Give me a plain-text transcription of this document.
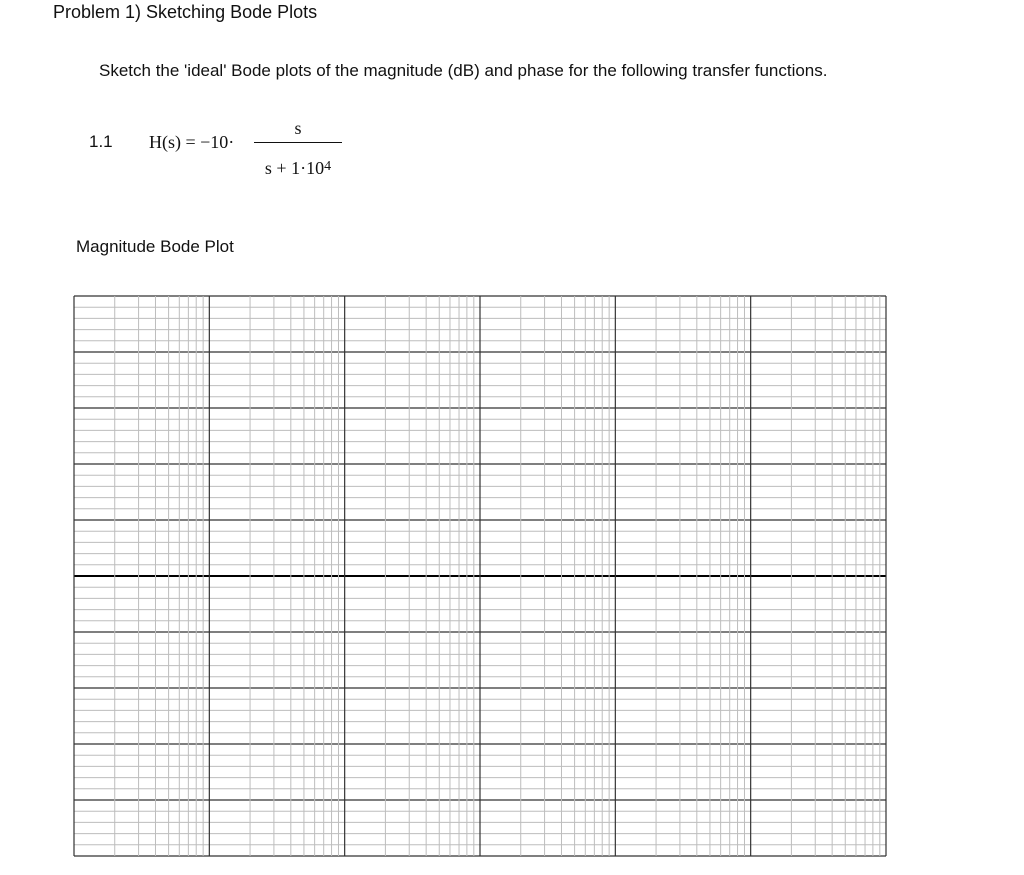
Problem 1) Sketching Bode Plots
Sketch the 'ideal' Bode plots of the magnitude (dB) and phase for the following transfer functions.
1.1 H(s) = −10·
s
$s + 1\cdot 10^4$
Magnitude Bode Plot
